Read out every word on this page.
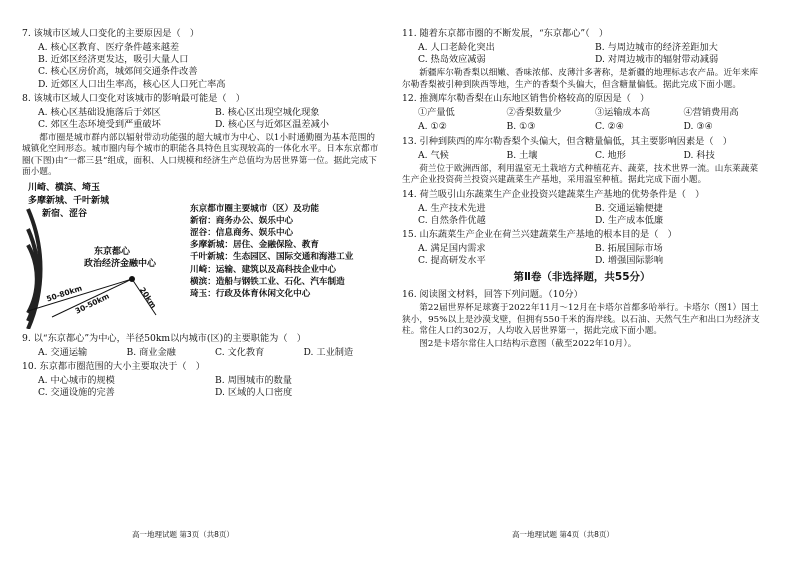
7. 该城市区域人口变化的主要原因是（　）
A. 核心区教育、医疗条件越来越差
B. 近郊区经济更发达，吸引大量人口
C. 核心区房价高，城郊间交通条件改善
D. 近郊区人口出生率高，核心区人口死亡率高
8. 该城市区域人口变化对该城市的影响最可能是（　）
A. 核心区基础设施落后于郊区	B. 核心区出现空城化现象
C. 郊区生态环境受到严重破坏	D. 核心区与近郊区温差减小
都市圈是城市群内部以辐射带动功能强的超大城市为中心、以1小时通勤圈为基本范围的城镇化空间形态。城市圈内每个城市的职能各具特色且实现较高的一体化水平。日本东京都市圈(下图)由“一都三县”组成，面积、人口规模和经济生产总值均为居世界第一位。据此完成下面小题。
川崎、横滨、埼玉
多摩新城、千叶新城
新宿、涩谷
东京都心
政治经济金融中心
50-80km
30-50km	20km
东京都市圈主要城市（区）及功能
新宿：商务办公、娱乐中心
涩谷：信息商务、娱乐中心
多摩新城：居住、金融保险、教育
千叶新城：生态园区、国际交通和海港工业
川崎：运输、建筑以及高科技企业中心
横滨：造船与钢铁工业、石化、汽车制造
琦玉：行政及体育休闲文化中心
9. 以“东京都心”为中心，半径50km以内城市(区)的主要职能为（　）
A. 交通运输	B. 商业金融	C. 文化教育	D. 工业制造
10. 东京都市圈范围的大小主要取决于（　）
A. 中心城市的规模	B. 周围城市的数量
C. 交通设施的完善	D. 区域的人口密度
11. 随着东京都市圈的不断发展，“东京都心”（　）
A. 人口老龄化突出	B. 与周边城市的经济差距加大
C. 热岛效应减弱	D. 对周边城市的辐射带动减弱
新疆库尔勒香梨以细嫩、香味浓郁、皮薄汁多著称，是新疆的地理标志农产品。近年来库尔勒香梨被引种到陕西等地，生产的香梨个头偏大，但含糖量偏低。据此完成下面小题。
12. 推测库尔勒香梨在山东地区销售价格较高的原因是（　）
①产量低	②香梨数量少	③运输成本高	④营销费用高
A. ①②	B. ①③	C. ②④	D. ③④
13. 引种到陕西的库尔勒香梨个头偏大，但含糖量偏低，其主要影响因素是（　）
A. 气候	B. 土壤	C. 地形	D. 科技
荷兰位于欧洲西部，利用温室无土栽培方式种植花卉、蔬菜，技术世界一流。山东莱蔬菜生产企业投资荷兰投资兴建蔬菜生产基地，采用温室种植。据此完成下面小题。
14. 荷兰吸引山东蔬菜生产企业投资兴建蔬菜生产基地的优势条件是（　）
A. 生产技术先进	B. 交通运输便捷
C. 自然条件优越	D. 生产成本低廉
15. 山东蔬菜生产企业在荷兰兴建蔬菜生产基地的根本目的是（　）
A. 满足国内需求	B. 拓展国际市场
C. 提高研发水平	D. 增强国际影响
第Ⅱ卷（非选择题，共55分）
16. 阅读图文材料，回答下列问题。（10分）
第22届世界杯足球赛于2022年11月～12月在卡塔尔首都多哈举行。卡塔尔（图1）国土狭小，95%以上是沙漠戈壁，但拥有550千米的海岸线。以石油、天然气生产和出口为经济支柱。常住人口约302万，人均收入居世界第一，据此完成下面小题。
图2是卡塔尔常住人口结构示意图（截至2022年10月）。
高一地理试题 第3页（共8页）	高一地理试题 第4页（共8页）
